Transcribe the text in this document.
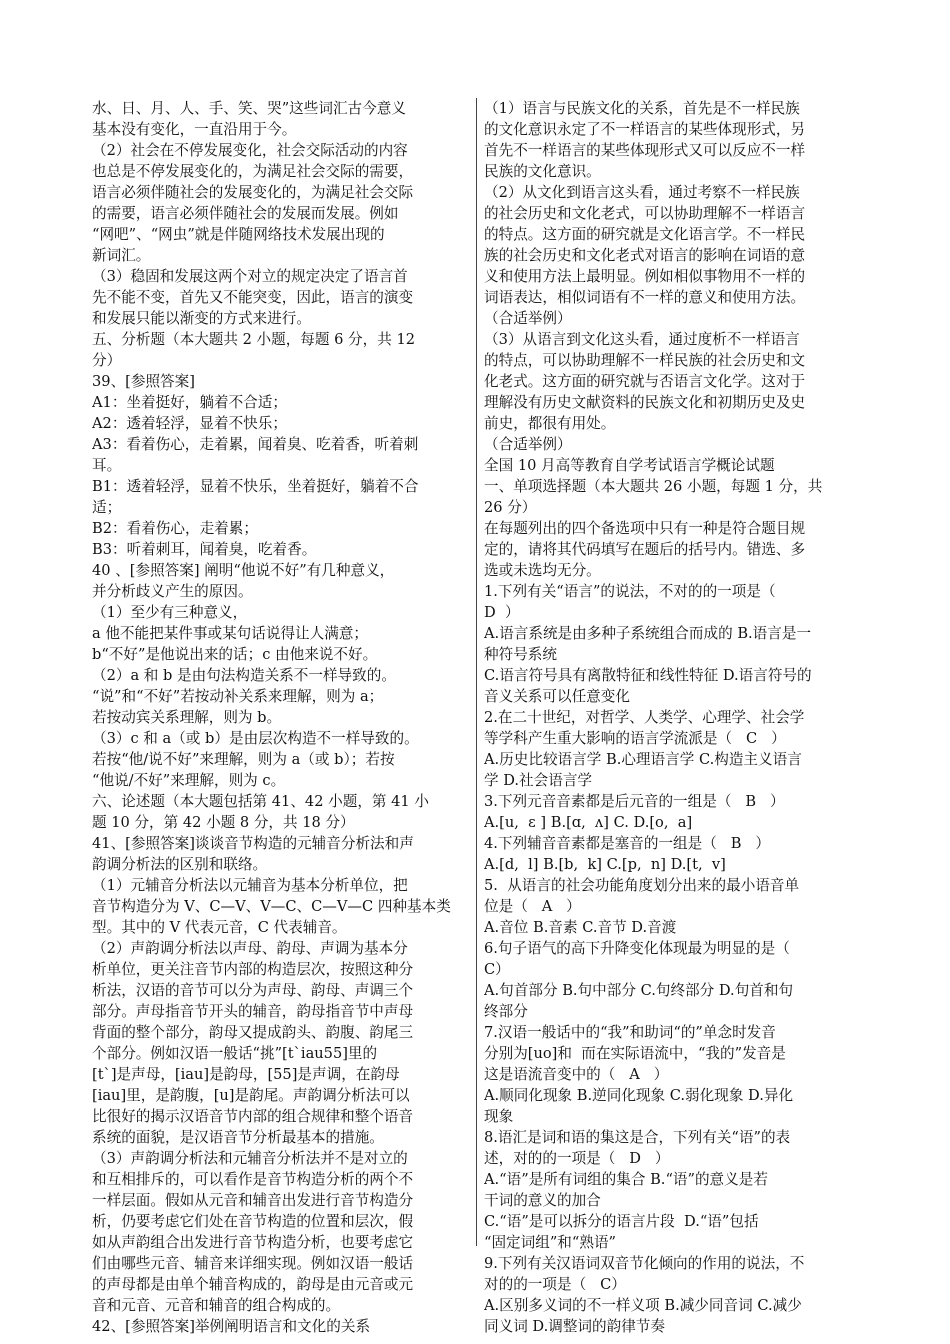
水、日、月、人、手、笑、哭”这些词汇古今意义
基本没有变化，一直沿用于今。
（2）社会在不停发展变化，社会交际活动的内容
也总是不停发展变化的，为满足社会交际的需要，
语言必须伴随社会的发展变化的，为满足社会交际
的需要，语言必须伴随社会的发展而发展。例如
“网吧”、“网虫”就是伴随网络技术发展出现的
新词汇。
（3）稳固和发展这两个对立的规定决定了语言首
先不能不变，首先又不能突变，因此，语言的演变
和发展只能以渐变的方式来进行。
五、分析题（本大题共 2 小题，每题 6 分，共 12
分）
39、[参照答案]
A1：坐着挺好，躺着不合适；
A2：透着轻浮，显着不快乐；
A3：看着伤心，走着累，闻着臭、吃着香，听着刺
耳。
B1：透着轻浮，显着不快乐，坐着挺好，躺着不合
适；
B2：看着伤心，走着累；
B3：听着刺耳，闻着臭，吃着香。
40 、[参照答案] 阐明“他说不好”有几种意义，
并分析歧义产生的原因。
（1）至少有三种意义，
a 他不能把某件事或某句话说得让人满意；
b“不好”是他说出来的话；c 由他来说不好。
（2）a 和 b 是由句法构造关系不一样导致的。
“说”和“不好”若按动补关系来理解，则为 a；
若按动宾关系理解，则为 b。
（3）c 和 a（或 b）是由层次构造不一样导致的。
若按“他/说不好”来理解，则为 a（或 b）；若按
“他说/不好”来理解，则为 c。
六、论述题（本大题包括第 41、42 小题，第 41 小
题 10 分，第 42 小题 8 分，共 18 分）
41、[参照答案]谈谈音节构造的元辅音分析法和声
韵调分析法的区别和联络。
（1）元辅音分析法以元辅音为基本分析单位，把
音节构造分为 V、C—V、V—C、C—V—C 四种基本类
型。其中的 V 代表元音，C 代表辅音。
（2）声韵调分析法以声母、韵母、声调为基本分
析单位，更关注音节内部的构造层次，按照这种分
析法，汉语的音节可以分为声母、韵母、声调三个
部分。声母指音节开头的辅音，韵母指音节中声母
背面的整个部分，韵母又提成韵头、韵腹、韵尾三
个部分。例如汉语一般话“挑”[t`iau55]里的
[t`]是声母，[iau]是韵母，[55]是声调，在韵母
[iau]里，是韵腹，[u]是韵尾。声韵调分析法可以
比很好的揭示汉语音节内部的组合规律和整个语音
系统的面貌，是汉语音节分析最基本的措施。
（3）声韵调分析法和元辅音分析法并不是对立的
和互相排斥的，可以看作是音节构造分析的两个不
一样层面。假如从元音和辅音出发进行音节构造分
析，仍要考虑它们处在音节构造的位置和层次，假
如从声韵组合出发进行音节构造分析，也要考虑它
们由哪些元音、辅音来详细实现。例如汉语一般话
的声母都是由单个辅音构成的，韵母是由元音或元
音和元音、元音和辅音的组合构成的。
42、[参照答案]举例阐明语言和文化的关系
（1）语言与民族文化的关系，首先是不一样民族
的文化意识永定了不一样语言的某些体现形式，另
首先不一样语言的某些体现形式又可以反应不一样
民族的文化意识。
（2）从文化到语言这头看，通过考察不一样民族
的社会历史和文化老式，可以协助理解不一样语言
的特点。这方面的研究就是文化语言学。不一样民
族的社会历史和文化老式对语言的影响在词语的意
义和使用方法上最明显。例如相似事物用不一样的
词语表达，相似词语有不一样的意义和使用方法。
（合适举例）
（3）从语言到文化这头看，通过度析不一样语言
的特点，可以协助理解不一样民族的社会历史和文
化老式。这方面的研究就与否语言文化学。这对于
理解没有历史文献资料的民族文化和初期历史及史
前史，都很有用处。
（合适举例）
全国 10 月高等教育自学考试语言学概论试题
一、单项选择题（本大题共 26 小题，每题 1 分，共
26 分）
在每题列出的四个备选项中只有一种是符合题目规
定的，请将其代码填写在题后的括号内。错选、多
选或未选均无分。
1.下列有关“语言”的说法，不对的的一项是（
D  ）
A.语言系统是由多种子系统组合而成的 B.语言是一
种符号系统
C.语言符号具有离散特征和线性特征 D.语言符号的
音义关系可以任意变化
2.在二十世纪，对哲学、人类学、心理学、社会学
等学科产生重大影响的语言学流派是（   C   ）
A.历史比较语言学 B.心理语言学 C.构造主义语言
学 D.社会语言学
3.下列元音音素都是后元音的一组是（   B   ）
A.[u,  ɛ ] B.[ɑ,  ʌ] C. D.[o,  a]
4.下列辅音音素都是塞音的一组是（   B   ）
A.[d,  l] B.[b,  k] C.[p,  n] D.[t,  v]
5.  从语言的社会功能角度划分出来的最小语音单
位是（   A   ）
A.音位 B.音素 C.音节 D.音渡
6.句子语气的高下升降变化体现最为明显的是（
C）
A.句首部分 B.句中部分 C.句终部分 D.句首和句
终部分
7.汉语一般话中的“我”和助词“的”单念时发音
分别为[uo]和  而在实际语流中，“我的”发音是
这是语流音变中的（   A   ）
A.顺同化现象 B.逆同化现象 C.弱化现象 D.异化
现象
8.语汇是词和语的集这是合，下列有关“语”的表
述，对的的一项是（   D   ）
A.“语”是所有词组的集合 B.“语”的意义是若
干词的意义的加合
C.“语”是可以拆分的语言片段  D.“语”包括
“固定词组”和“熟语”
9.下列有关汉语词双音节化倾向的作用的说法，不
对的的一项是（   C）
A.区别多义词的不一样义项 B.减少同音词 C.减少
同义词 D.调整词的韵律节奏
